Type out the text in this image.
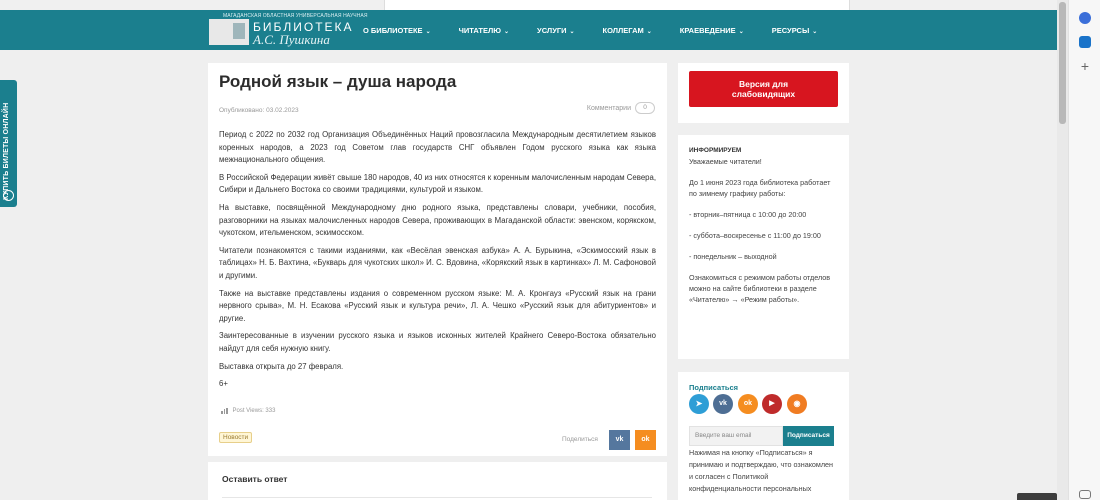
МАГАДАНСКАЯ ОБЛАСТНАЯ УНИВЕРСАЛЬНАЯ НАУЧНАЯ
БИБЛИОТЕКА
А.С. Пушкина
О БИБЛИОТЕКЕ ⌄	ЧИТАТЕЛЮ ⌄	УСЛУГИ ⌄	КОЛЛЕГАМ ⌄	КРАЕВЕДЕНИЕ ⌄	РЕСУРСЫ ⌄
КУПИТЬ БИЛЕТЫ ОНЛАЙН
Родной язык – душа народа
Опубликовано: 03.02.2023	Комментарии	0

Период с 2022 по 2032 год Организация Объединённых Наций провозгласила Международным десятилетием языков коренных народов, а 2023 год Советом глав государств СНГ объявлен Годом русского языка как языка межнационального общения.

В Российской Федерации живёт свыше 180 народов, 40 из них относятся к коренным малочисленным народам Севера, Сибири и Дальнего Востока со своими традициями, культурой и языком.

На выставке, посвящённой Международному дню родного языка, представлены словари, учебники, пособия, разговорники на языках малочисленных народов Севера, проживающих в Магаданской области: эвенском, корякском, чукотском, ительменском, эскимосском.

Читатели познакомятся с такими изданиями, как «Весёлая эвенская азбука» А. А. Бурыкина, «Эскимосский язык в таблицах» Н. Б. Вахтина, «Букварь для чукотских школ» И. С. Вдовина, «Корякский язык в картинках» Л. М. Сафоновой и другими.

Также на выставке представлены издания о современном русском языке: М. А. Кронгауз «Русский язык на грани нервного срыва», М. Н. Есакова «Русский язык и культура речи», Л. А. Чешко «Русский язык для абитуриентов» и другие.

Заинтересованные в изучении русского языка и языков исконных жителей Крайнего Северо-Востока обязательно найдут для себя нужную книгу.

Выставка открыта до 27 февраля.

6+

Post Views: 333
Новости	Поделиться	vk	ok
Оставить ответ
Версия для
слабовидящих
ИНФОРМИРУЕМ

Уважаемые читатели!

До 1 июня 2023 года библиотека работает по зимнему графику работы:

- вторник–пятница с 10:00 до 20:00

- суббота–воскресенье с 11:00 до 19:00

- понедельник – выходной

Ознакомиться с режимом работы отделов можно на сайте библиотеки в разделе «Читателю» → «Режим работы».

Подписаться
➤	vk	ok	▶	◉
Введите ваш email	Подписаться
Нажимая на кнопку «Подписаться» я принимаю и подтверждаю, что ознакомлен и согласен с Политикой конфиденциальности персональных
+
